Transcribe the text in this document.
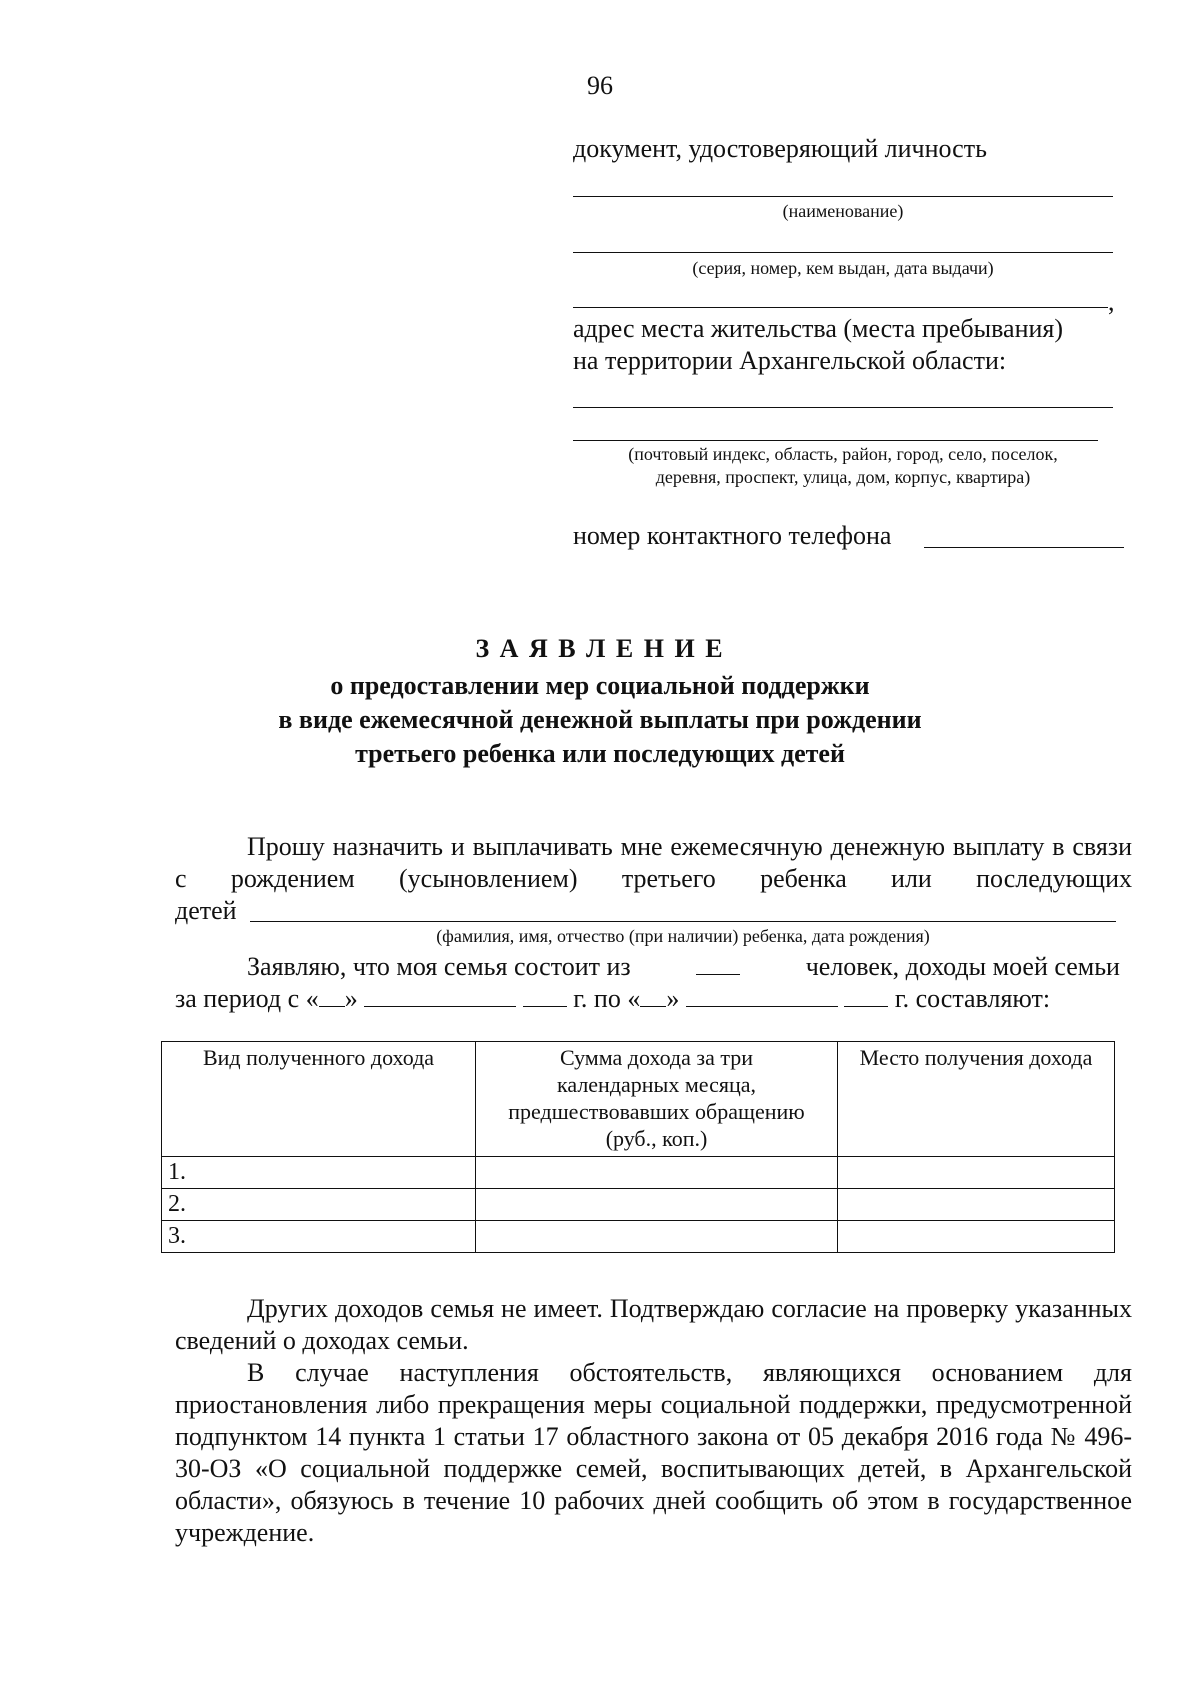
96
документ, удостоверяющий личность
(наименование)
(серия, номер, кем выдан, дата выдачи)
,
адрес места жительства (места пребывания)
на территории Архангельской области:
(почтовый индекс, область, район, город, село, поселок,
деревня, проспект, улица, дом, корпус, квартира)
номер контактного телефона
З А Я В Л Е Н И Е
о предоставлении мер социальной поддержки
в виде ежемесячной денежной выплаты при рождении
третьего ребенка или последующих детей
Прошу назначить и выплачивать мне ежемесячную денежную выплату в связи с рождением (усыновлением) третьего ребенка или последующих
детей
(фамилия, имя, отчество (при наличии) ребенка, дата рождения)
Заявляю, что моя семья состоит из	человек, доходы моей семьи
за период с « »	г. по « »	г. составляют:
Вид полученного дохода	Сумма дохода за три календарных месяца, предшествовавших обращению (руб., коп.)	Место получения дохода
1.		
2.		
3.		
Других доходов семья не имеет. Подтверждаю согласие на проверку указанных сведений о доходах семьи.
В случае наступления обстоятельств, являющихся основанием для приостановления либо прекращения меры социальной поддержки, предусмотренной подпунктом 14 пункта 1 статьи 17 областного закона от 05 декабря 2016 года № 496-30-ОЗ «О социальной поддержке семей, воспитывающих детей, в Архангельской области», обязуюсь в течение 10 рабочих дней сообщить об этом в государственное учреждение.
